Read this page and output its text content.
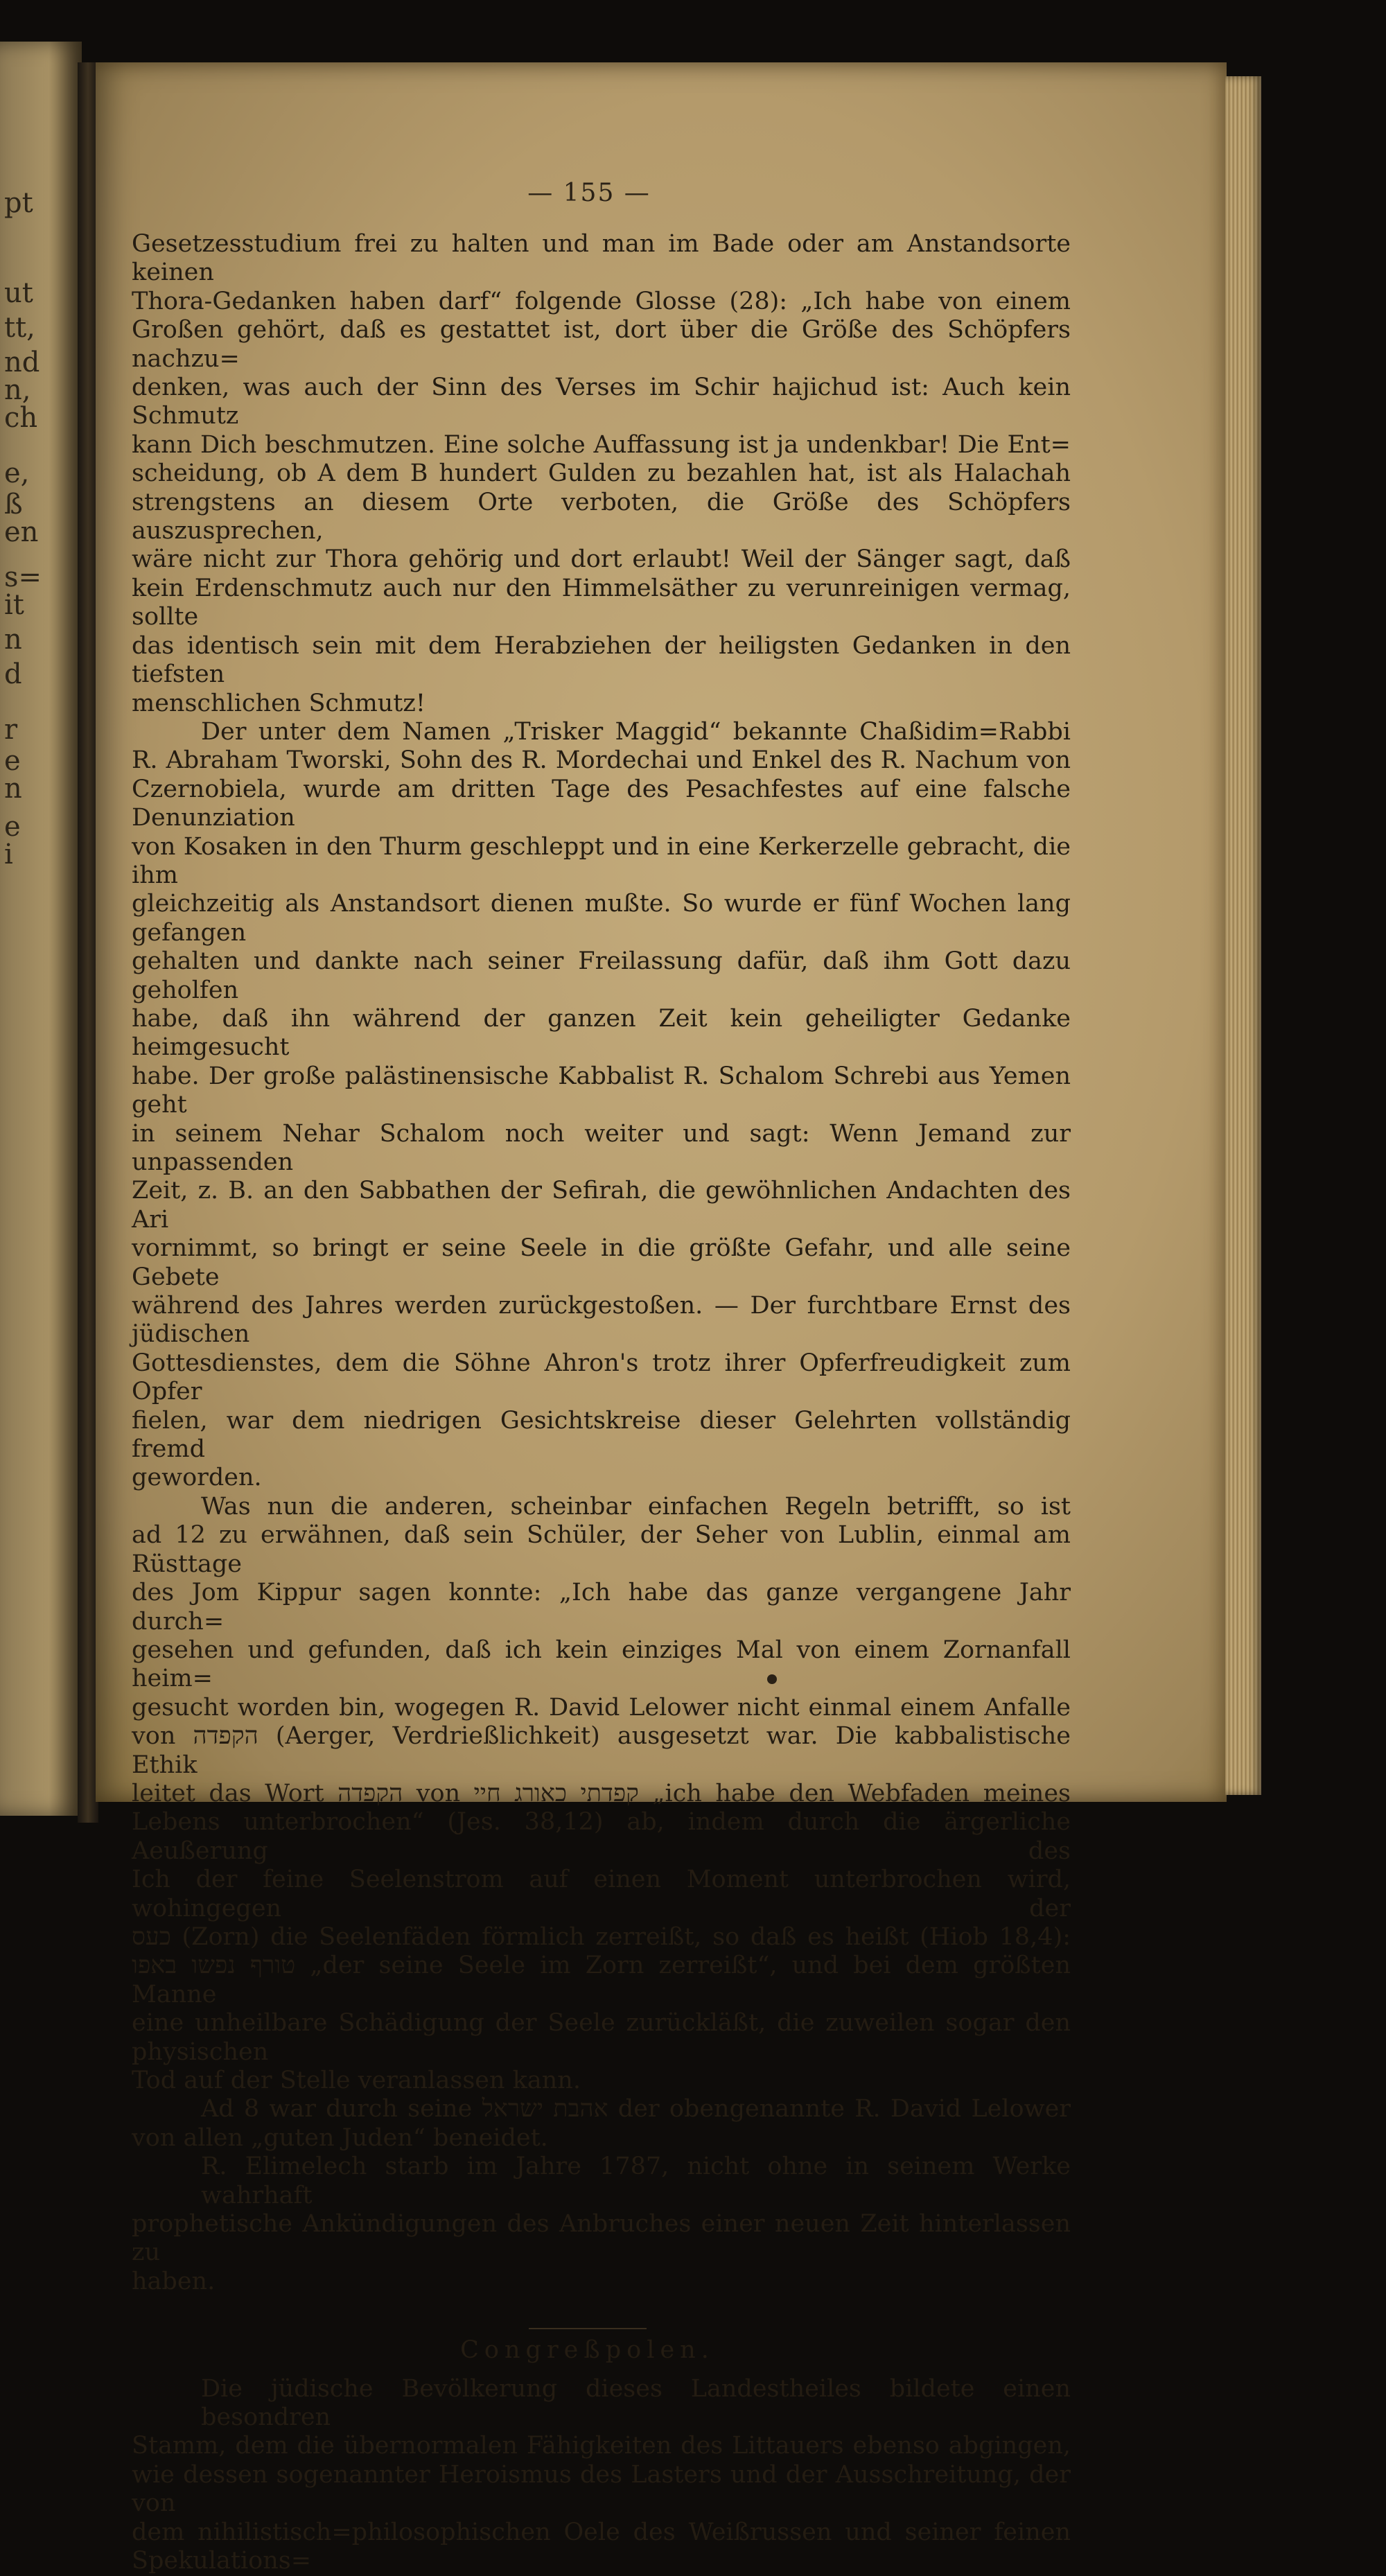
pt
ut
tt,
nd
n,
ch
e,
ß
en
s=
it
n
d
r
e
n
e
i
— 155 —
Gesetzesstudium frei zu halten und man im Bade oder am Anstandsorte keinen
Thora-Gedanken haben darf“ folgende Glosse (28): „Ich habe von einem
Großen gehört, daß es gestattet ist, dort über die Größe des Schöpfers nachzu=
denken, was auch der Sinn des Verses im Schir hajichud ist: Auch kein Schmutz
kann Dich beschmutzen. Eine solche Auffassung ist ja undenkbar! Die Ent=
scheidung, ob A dem B hundert Gulden zu bezahlen hat, ist als Halachah
strengstens an diesem Orte verboten, die Größe des Schöpfers auszusprechen,
wäre nicht zur Thora gehörig und dort erlaubt! Weil der Sänger sagt, daß
kein Erdenschmutz auch nur den Himmelsäther zu verunreinigen vermag, sollte
das identisch sein mit dem Herabziehen der heiligsten Gedanken in den tiefsten
menschlichen Schmutz!
Der unter dem Namen „Trisker Maggid“ bekannte Chaßidim=Rabbi
R. Abraham Tworski, Sohn des R. Mordechai und Enkel des R. Nachum von
Czernobiela, wurde am dritten Tage des Pesachfestes auf eine falsche Denunziation
von Kosaken in den Thurm geschleppt und in eine Kerkerzelle gebracht, die ihm
gleichzeitig als Anstandsort dienen mußte. So wurde er fünf Wochen lang gefangen
gehalten und dankte nach seiner Freilassung dafür, daß ihm Gott dazu geholfen
habe, daß ihn während der ganzen Zeit kein geheiligter Gedanke heimgesucht
habe. Der große palästinensische Kabbalist R. Schalom Schrebi aus Yemen geht
in seinem Nehar Schalom noch weiter und sagt: Wenn Jemand zur unpassenden
Zeit, z. B. an den Sabbathen der Sefirah, die gewöhnlichen Andachten des Ari
vornimmt, so bringt er seine Seele in die größte Gefahr, und alle seine Gebete
während des Jahres werden zurückgestoßen. — Der furchtbare Ernst des jüdischen
Gottesdienstes, dem die Söhne Ahron's trotz ihrer Opferfreudigkeit zum Opfer
fielen, war dem niedrigen Gesichtskreise dieser Gelehrten vollständig fremd
geworden.
Was nun die anderen, scheinbar einfachen Regeln betrifft, so ist
ad 12 zu erwähnen, daß sein Schüler, der Seher von Lublin, einmal am Rüsttage
des Jom Kippur sagen konnte: „Ich habe das ganze vergangene Jahr durch=
gesehen und gefunden, daß ich kein einziges Mal von einem Zornanfall heim=
gesucht worden bin, wogegen R. David Lelower nicht einmal einem Anfalle
von הקפדה (Aerger, Verdrießlichkeit) ausgesetzt war. Die kabbalistische Ethik
leitet das Wort הקפדה von קפדתי כאורג חיי „ich habe den Webfaden meines
Lebens unterbrochen“ (Jes. 38,12) ab, indem durch die ärgerliche Aeußerung des
Ich der feine Seelenstrom auf einen Moment unterbrochen wird, wohingegen der
כעס (Zorn) die Seelenfäden förmlich zerreißt, so daß es heißt (Hiob 18,4):
טורף נפשו באפו „der seine Seele im Zorn zerreißt“, und bei dem größten Manne
eine unheilbare Schädigung der Seele zurückläßt, die zuweilen sogar den physischen
Tod auf der Stelle veranlassen kann.
Ad 8 war durch seine אהבת ישראל der obengenannte R. David Lelower
von allen „guten Juden“ beneidet.
R. Elimelech starb im Jahre 1787, nicht ohne in seinem Werke wahrhaft
prophetische Ankündigungen des Anbruches einer neuen Zeit hinterlassen zu
haben.
Congreßpolen.
Die jüdische Bevölkerung dieses Landestheiles bildete einen besondren
Stamm, dem die übernormalen Fähigkeiten des Littauers ebenso abgingen,
wie dessen sogenannter Heroismus des Lasters und der Ausschreitung, der von
dem nihilistisch=philosophischen Oele des Weißrussen und seiner feinen Spekulations=
